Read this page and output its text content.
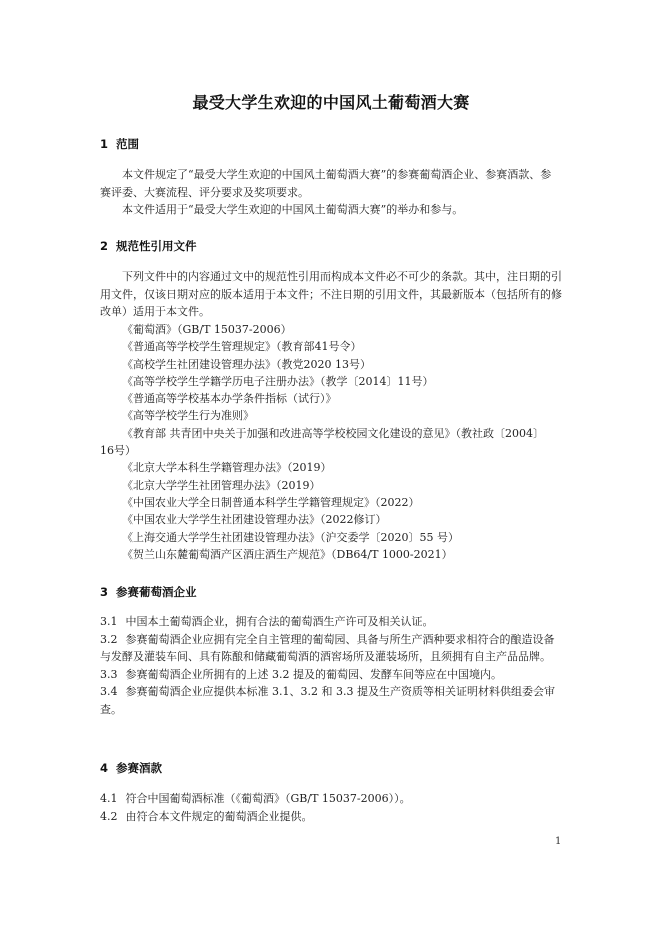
最受大学生欢迎的中国风土葡萄酒大赛
1 范围

本文件规定了“最受大学生欢迎的中国风土葡萄酒大赛”的参赛葡萄酒企业、参赛酒款、参赛评委、大赛流程、评分要求及奖项要求。

本文件适用于“最受大学生欢迎的中国风土葡萄酒大赛”的举办和参与。

2 规范性引用文件

下列文件中的内容通过文中的规范性引用而构成本文件必不可少的条款。其中，注日期的引用文件，仅该日期对应的版本适用于本文件；不注日期的引用文件，其最新版本（包括所有的修改单）适用于本文件。

《葡萄酒》（GB/T 15037-2006）
《普通高等学校学生管理规定》（教育部41号令）
《高校学生社团建设管理办法》（教党2020 13号）
《高等学校学生学籍学历电子注册办法》（教学〔2014〕11号）
《普通高等学校基本办学条件指标（试行）》
《高等学校学生行为准则》
《教育部 共青团中央关于加强和改进高等学校校园文化建设的意见》（教社政〔2004〕
16号）
《北京大学本科生学籍管理办法》（2019）
《北京大学学生社团管理办法》（2019）
《中国农业大学全日制普通本科学生学籍管理规定》（2022）
《中国农业大学学生社团建设管理办法》（2022修订）
《上海交通大学学生社团建设管理办法》（沪交委学〔2020〕55 号）
《贺兰山东麓葡萄酒产区酒庄酒生产规范》（DB64/T 1000-2021）
3 参赛葡萄酒企业

3.1 中国本土葡萄酒企业，拥有合法的葡萄酒生产许可及相关认证。

3.2 参赛葡萄酒企业应拥有完全自主管理的葡萄园、具备与所生产酒种要求相符合的酿造设备与发酵及灌装车间、具有陈酿和储藏葡萄酒的酒窖场所及灌装场所，且须拥有自主产品品牌。

3.3 参赛葡萄酒企业所拥有的上述 3.2 提及的葡萄园、发酵车间等应在中国境内。

3.4 参赛葡萄酒企业应提供本标准 3.1、3.2 和 3.3 提及生产资质等相关证明材料供组委会审查。

4 参赛酒款

4.1 符合中国葡萄酒标准（《葡萄酒》（GB/T 15037-2006））。

4.2 由符合本文件规定的葡萄酒企业提供。

1
